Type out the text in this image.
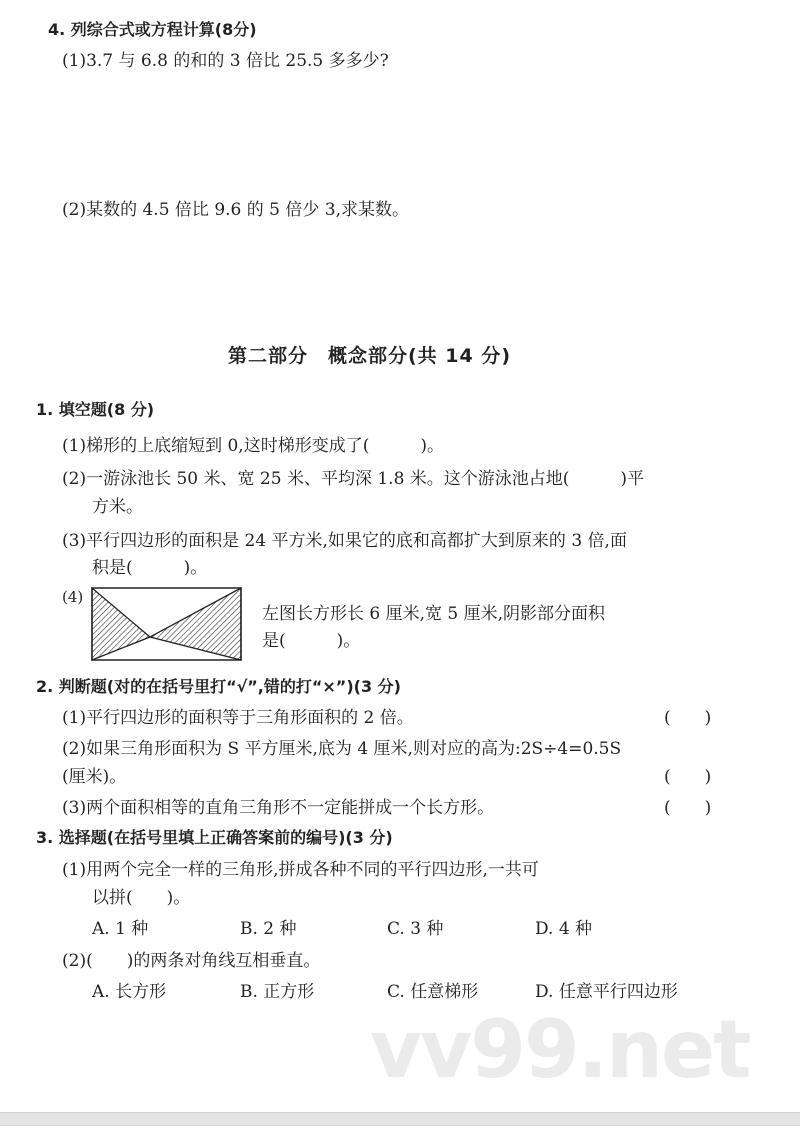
4. 列综合式或方程计算(8分)
(1)3.7 与 6.8 的和的 3 倍比 25.5 多多少?
(2)某数的 4.5 倍比 9.6 的 5 倍少 3,求某数。
第二部分　概念部分(共 14 分)
1. 填空题(8 分)
(1)梯形的上底缩短到 0,这时梯形变成了(　　　)。
(2)一游泳池长 50 米、宽 25 米、平均深 1.8 米。这个游泳池占地(　　　)平
方米。
(3)平行四边形的面积是 24 平方米,如果它的底和高都扩大到原来的 3 倍,面
积是(　　　)。
(4)
左图长方形长 6 厘米,宽 5 厘米,阴影部分面积
是(　　　)。
2. 判断题(对的在括号里打“√”,错的打“×”)(3 分)
(1)平行四边形的面积等于三角形面积的 2 倍。	(　　)
(2)如果三角形面积为 S 平方厘米,底为 4 厘米,则对应的高为:2S÷4=0.5S
(厘米)。	(　　)
(3)两个面积相等的直角三角形不一定能拼成一个长方形。	(　　)
3. 选择题(在括号里填上正确答案前的编号)(3 分)
(1)用两个完全一样的三角形,拼成各种不同的平行四边形,一共可
以拼(　　)。
A. 1 种	B. 2 种	C. 3 种	D. 4 种
(2)(　　)的两条对角线互相垂直。
A. 长方形	B. 正方形	C. 任意梯形	D. 任意平行四边形
vv99.net
